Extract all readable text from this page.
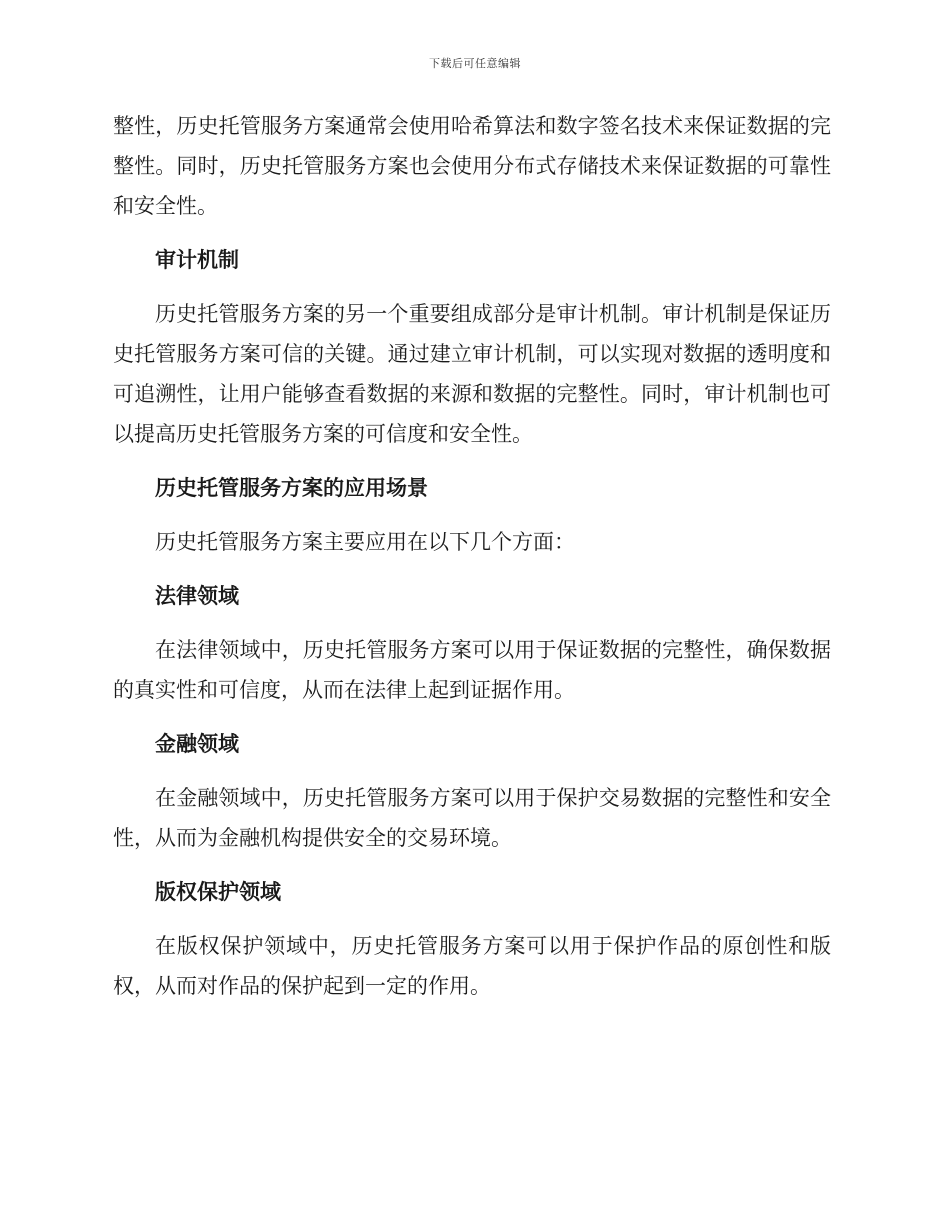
下载后可任意编辑

整性，历史托管服务方案通常会使用哈希算法和数字签名技术来保证数据的完整性。同时，历史托管服务方案也会使用分布式存储技术来保证数据的可靠性和安全性。

审计机制

历史托管服务方案的另一个重要组成部分是审计机制。审计机制是保证历史托管服务方案可信的关键。通过建立审计机制，可以实现对数据的透明度和可追溯性，让用户能够查看数据的来源和数据的完整性。同时，审计机制也可以提高历史托管服务方案的可信度和安全性。

历史托管服务方案的应用场景

历史托管服务方案主要应用在以下几个方面：

法律领域

在法律领域中，历史托管服务方案可以用于保证数据的完整性，确保数据的真实性和可信度，从而在法律上起到证据作用。

金融领域

在金融领域中，历史托管服务方案可以用于保护交易数据的完整性和安全性，从而为金融机构提供安全的交易环境。

版权保护领域

在版权保护领域中，历史托管服务方案可以用于保护作品的原创性和版权，从而对作品的保护起到一定的作用。
